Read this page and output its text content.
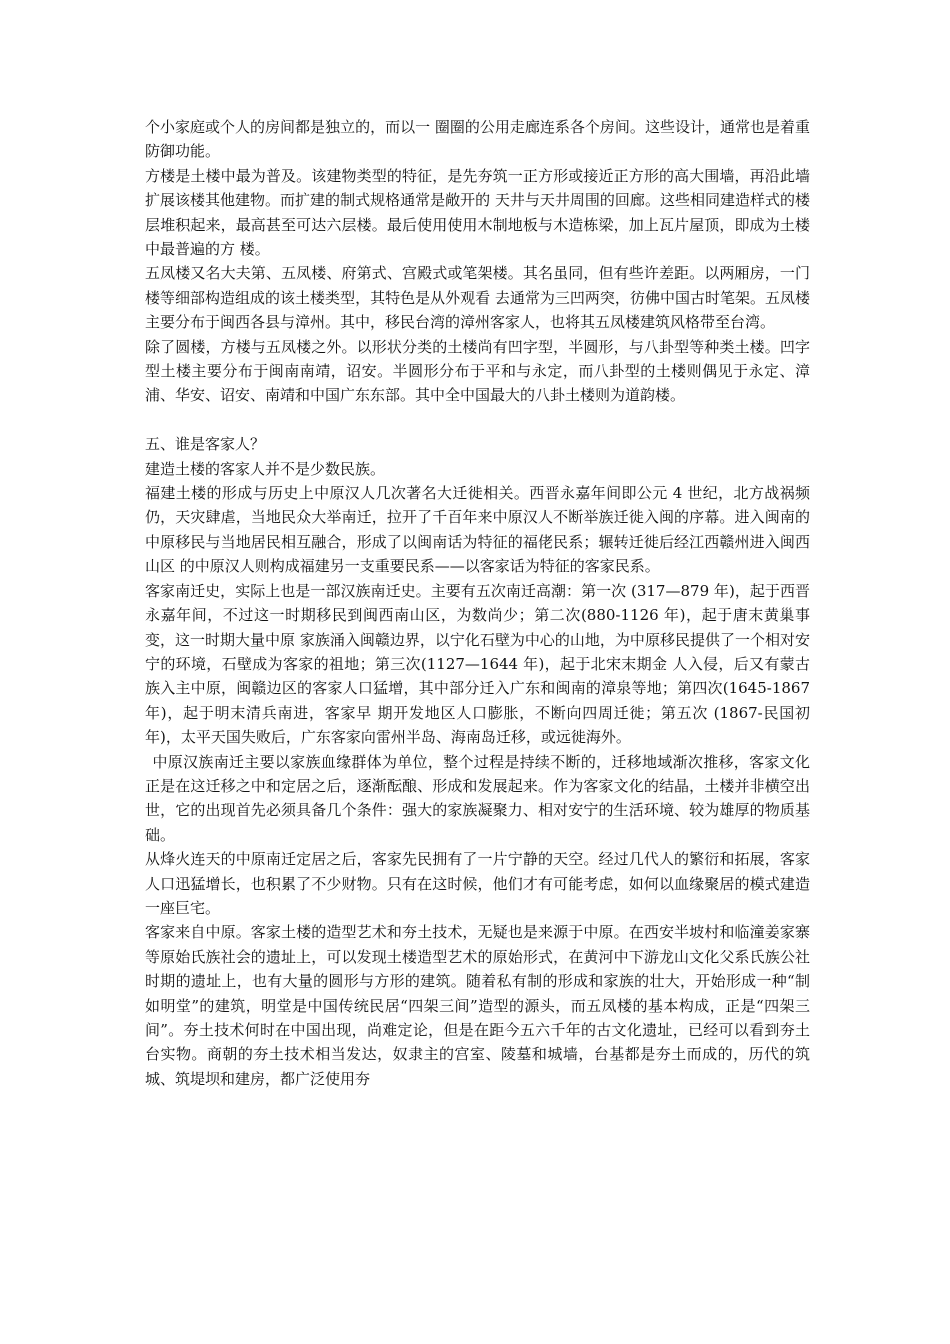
个小家庭或个人的房间都是独立的，而以一 圈圈的公用走廊连系各个房间。这些设计，通常也是着重防御功能。

方楼是土楼中最为普及。该建物类型的特征，是先夯筑一正方形或接近正方形的高大围墙，再沿此墙扩展该楼其他建物。而扩建的制式规格通常是敞开的 天井与天井周围的回廊。这些相同建造样式的楼层堆积起来，最高甚至可达六层楼。最后使用使用木制地板与木造栋梁，加上瓦片屋顶，即成为土楼中最普遍的方 楼。

五凤楼又名大夫第、五凤楼、府第式、宫殿式或笔架楼。其名虽同，但有些许差距。以两厢房，一门楼等细部构造组成的该土楼类型，其特色是从外观看 去通常为三凹两突，彷佛中国古时笔架。五凤楼主要分布于闽西各县与漳州。其中，移民台湾的漳州客家人，也将其五凤楼建筑风格带至台湾。

除了圆楼，方楼与五凤楼之外。以形状分类的土楼尚有凹字型，半圆形，与八卦型等种类土楼。凹字型土楼主要分布于闽南南靖，诏安。半圆形分布于平和与永定，而八卦型的土楼则偶见于永定、漳浦、华安、诏安、南靖和中国广东东部。其中全中国最大的八卦土楼则为道韵楼。

五、谁是客家人？

建造土楼的客家人并不是少数民族。

福建土楼的形成与历史上中原汉人几次著名大迁徙相关。西晋永嘉年间即公元 4 世纪，北方战祸频仍，天灾肆虐，当地民众大举南迁，拉开了千百年来中原汉人不断举族迁徙入闽的序幕。进入闽南的中原移民与当地居民相互融合，形成了以闽南话为特征的福佬民系；辗转迁徙后经江西赣州进入闽西山区 的中原汉人则构成福建另一支重要民系——以客家话为特征的客家民系。

客家南迁史，实际上也是一部汉族南迁史。主要有五次南迁高潮：第一次 (317—879 年)，起于西晋永嘉年间，不过这一时期移民到闽西南山区，为数尚少；第二次(880-1126 年)，起于唐末黄巢事变，这一时期大量中原 家族涌入闽赣边界，以宁化石壁为中心的山地，为中原移民提供了一个相对安宁的环境，石壁成为客家的祖地；第三次(1127—1644 年)，起于北宋末期金 人入侵，后又有蒙古族入主中原，闽赣边区的客家人口猛增，其中部分迁入广东和闽南的漳泉等地；第四次(1645-1867 年)，起于明末清兵南进，客家早 期开发地区人口膨胀，不断向四周迁徙；第五次 (1867-民国初年)，太平天国失败后，广东客家向雷州半岛、海南岛迁移，或远徙海外。

中原汉族南迁主要以家族血缘群体为单位，整个过程是持续不断的，迁移地域渐次推移，客家文化正是在这迁移之中和定居之后，逐渐酝酿、形成和发展起来。作为客家文化的结晶，土楼并非横空出世，它的出现首先必须具备几个条件：强大的家族凝聚力、相对安宁的生活环境、较为雄厚的物质基础。

从烽火连天的中原南迁定居之后，客家先民拥有了一片宁静的天空。经过几代人的繁衍和拓展，客家人口迅猛增长，也积累了不少财物。只有在这时候，他们才有可能考虑，如何以血缘聚居的模式建造一座巨宅。

客家来自中原。客家土楼的造型艺术和夯土技术，无疑也是来源于中原。在西安半坡村和临潼姜家寨等原始氏族社会的遗址上，可以发现土楼造型艺术的原始形式，在黄河中下游龙山文化父系氏族公社时期的遗址上，也有大量的圆形与方形的建筑。随着私有制的形成和家族的壮大，开始形成一种“制 如明堂”的建筑，明堂是中国传统民居“四架三间”造型的源头，而五凤楼的基本构成，正是“四架三间”。夯土技术何时在中国出现，尚难定论，但是在距今五六千年的古文化遗址，已经可以看到夯土台实物。商朝的夯土技术相当发达，奴隶主的宫室、陵墓和城墙，台基都是夯土而成的，历代的筑城、筑堤坝和建房，都广泛使用夯
